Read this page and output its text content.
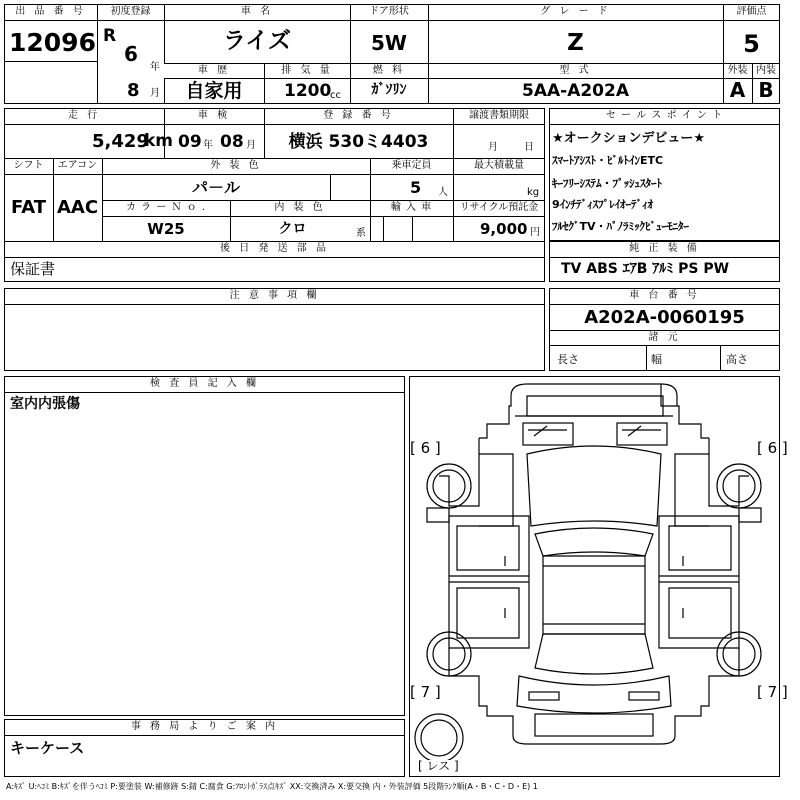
出 品 番 号
12096
初度登録
R
6
年
8 月
車 名
ライズ
ドア形状
5W
グ レ ー ド
Z
評価点
5
車 歴
自家用
排 気 量
1200
cc
燃 料
ｶﾞｿﾘﾝ
型 式
5AA-A202A
外装 内装
A B
走 行
5,429
km
車 検
09 年 08 月
登 録 番 号
横浜 530ミ4403
譲渡書類期限
月	日
シフト
FAT
エアコン
AAC
外 装 色
パ－ル
乗車定員
5 人
最大積載量
kg
カ ラ ー Ｎ ｏ .
W25
内 装 色
クロ	系
輸 入 車	リサイクル預託金
9,000 円
後 日 発 送 部 品
保証書
セ ー ル ス ポ イ ン ト
★オークションデビュー★
ｽﾏｰﾄｱｼｽﾄ・ﾋﾞﾙﾄｲﾝETC
ｷｰﾌﾘｰｼｽﾃﾑ・ﾌﾟｯｼｭｽﾀｰﾄ
9ｲﾝﾁﾃﾞｨｽﾌﾟﾚｲｵｰﾃﾞｨｵ
ﾌﾙｾｸﾞTV・ﾊﾟﾉﾗﾐｯｸﾋﾞｭｰﾓﾆﾀｰ
純 正 装 備
TV ABS ｴｱB ｱﾙﾐ PS PW
注 意 事 項 欄	車 台 番 号
A202A-0060195
諸 元
長さ	幅	高さ
検 査 員 記 入 欄
室内内張傷
事 務 局 よ り ご 案 内
キーケース
[ 6 ]	[ 6 ]
[ 7 ]	[ 7 ]
[ レス ]
A:ｷｽﾞ U:ﾍｺﾐ B:ｷｽﾞを伴うﾍｺﾐ P:要塗装 W:補修跡 S:錆 C:腐食 G:ﾌﾛﾝﾄｶﾞﾗｽ点ｷｽﾞ XX:交換済み X:要交換 内・外装評価 5段階ﾗﾝｸ順(A・B・C・D・E) 1
